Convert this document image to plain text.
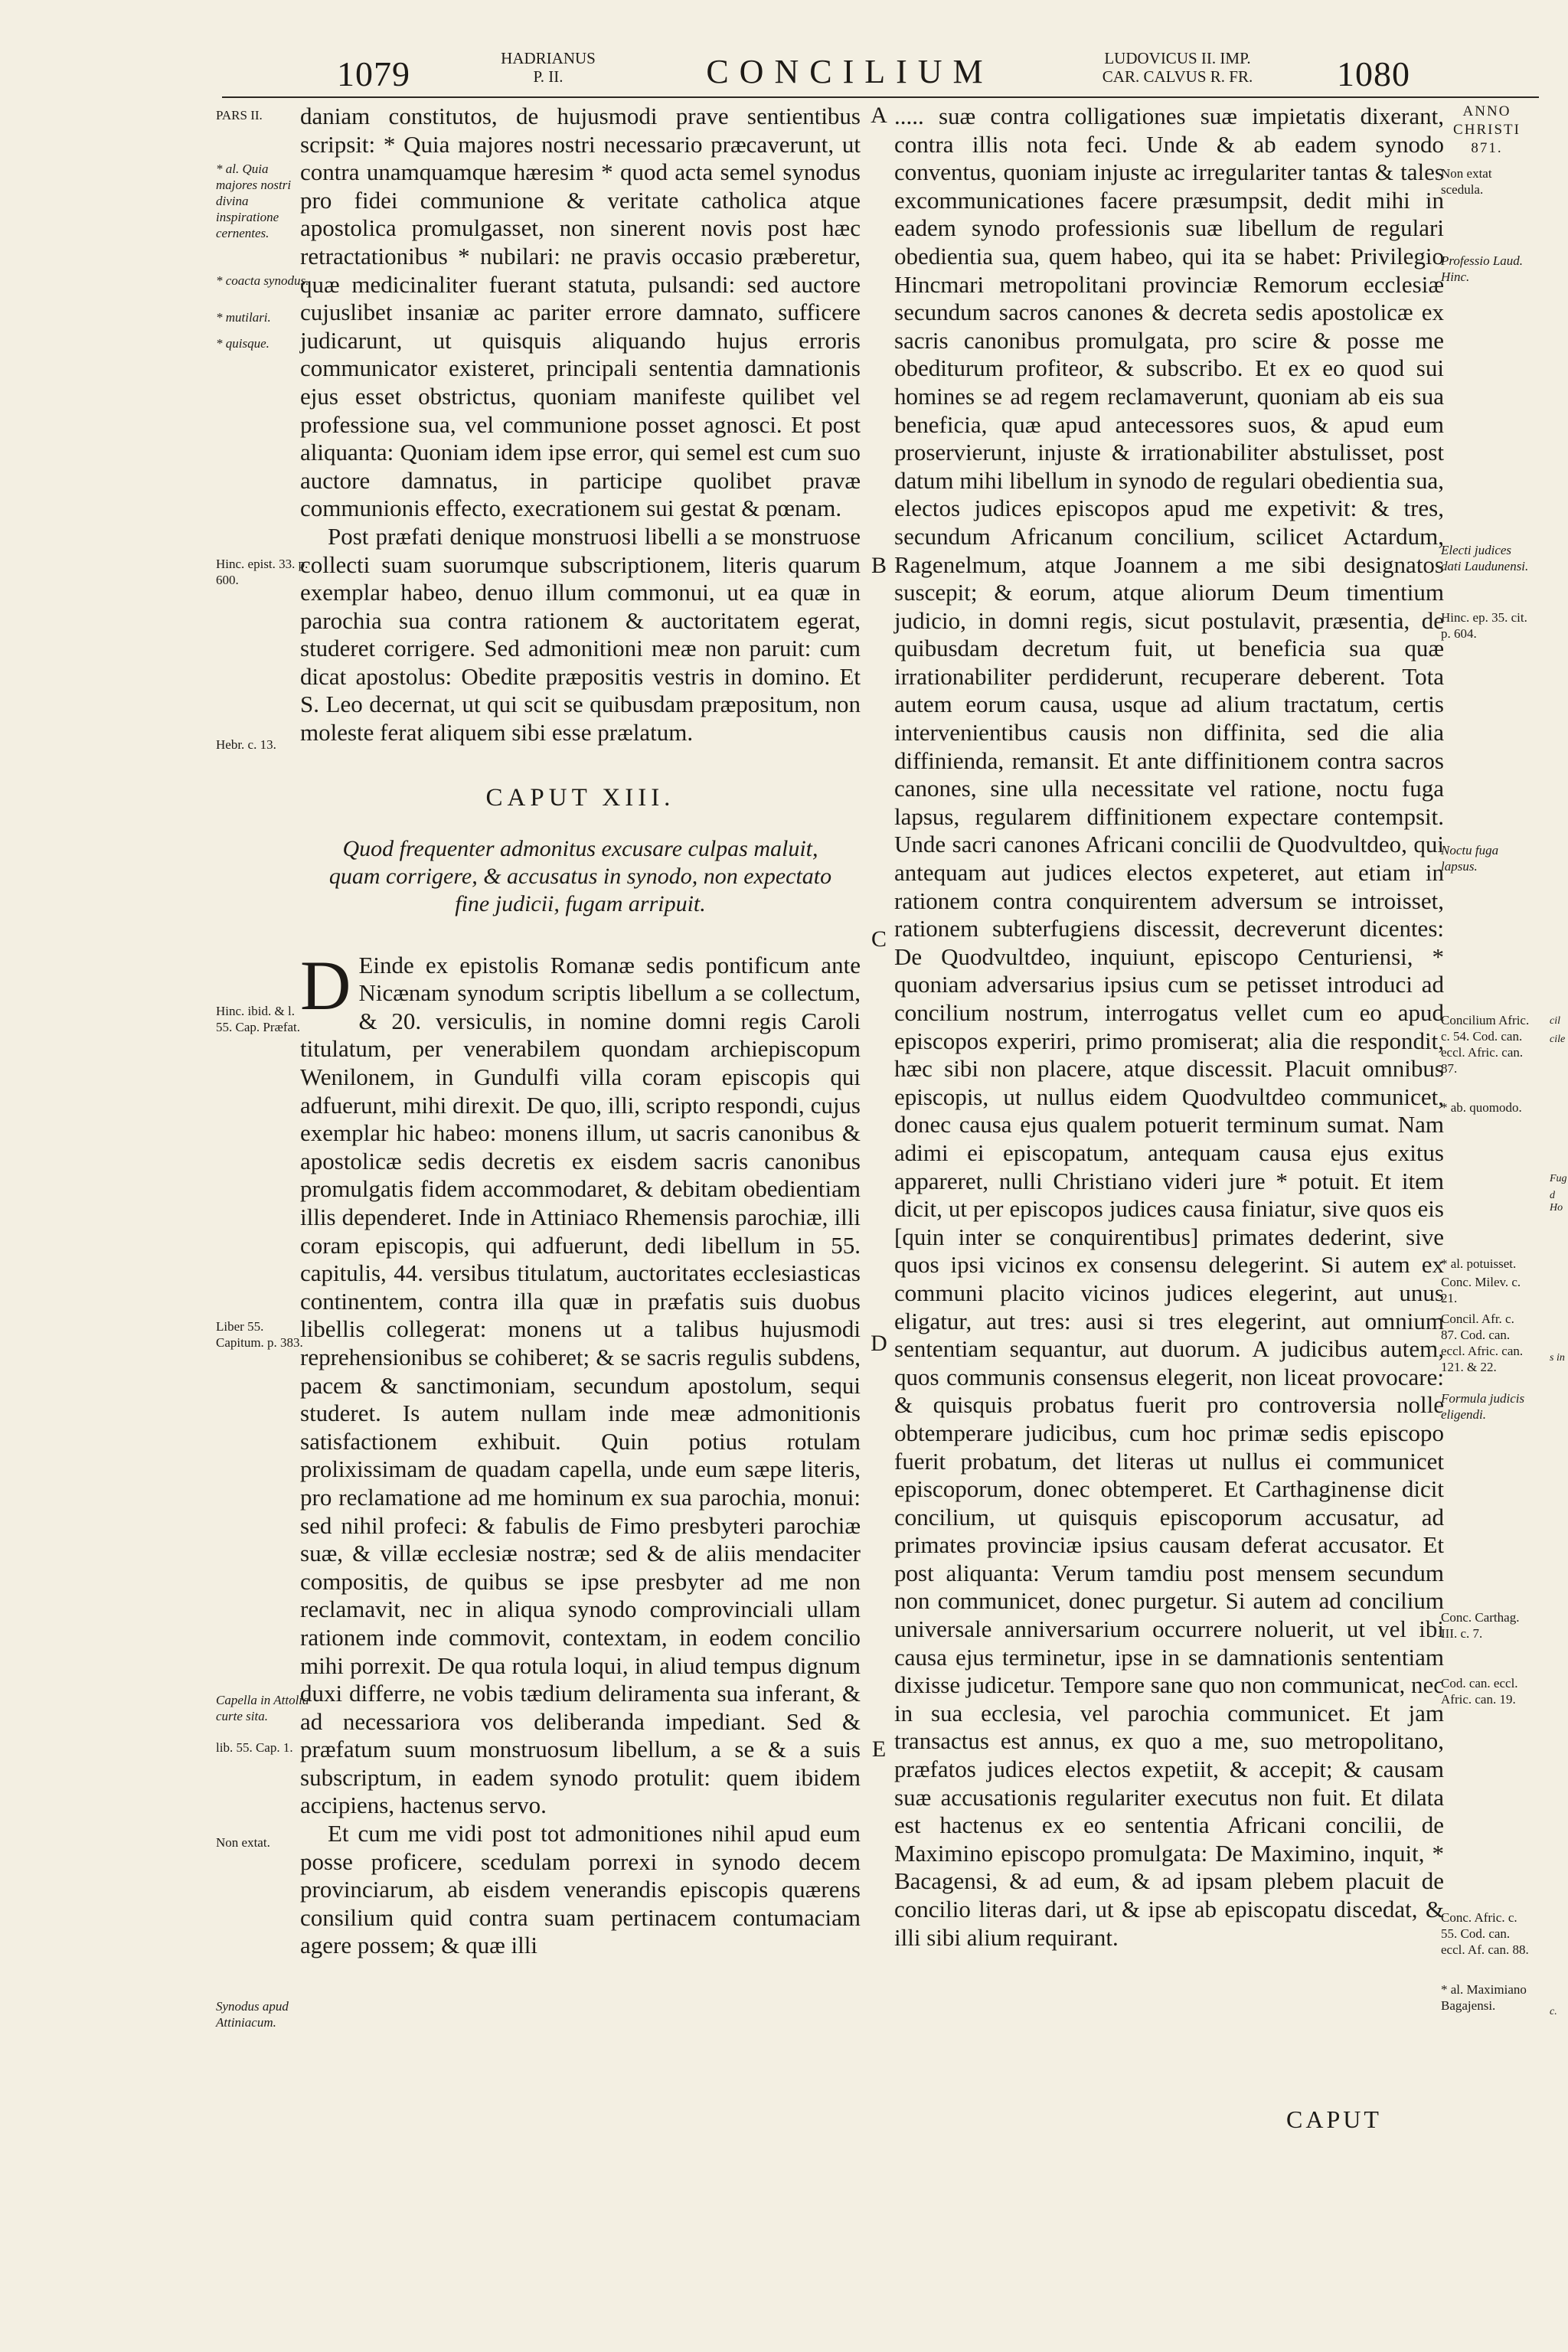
1079	HADRIANUS
P. II.	CONCILIUM	LUDOVICUS II. IMP.
CAR. CALVUS R. FR.	1080
ANNO
CHRISTI
871.

daniam constitutos, de hujusmodi prave sentientibus scripsit: * Quia majores nostri necessario præcaverunt, ut contra unamquamque hæresim * quod acta semel synodus pro fidei communione & veritate catholica atque apostolica promulgasset, non sinerent novis post hæc retractationibus * nubilari: ne pravis occasio præberetur, quæ medicinaliter fuerant statuta, pulsandi: sed auctore cujuslibet insaniæ ac pariter errore damnato, sufficere judicarunt, ut quisquis aliquando hujus erroris communicator existeret, principali sententia damnationis ejus esset obstrictus, quoniam manifeste quilibet vel professione sua, vel communione posset agnosci. Et post aliquanta: Quoniam idem ipse error, qui semel est cum suo auctore damnatus, in participe quolibet pravæ communionis effecto, execrationem sui gestat & pœnam.

Post præfati denique monstruosi libelli a se monstruose collecti suam suorumque subscriptionem, literis quarum exemplar habeo, denuo illum commonui, ut ea quæ in parochia sua contra rationem & auctoritatem egerat, studeret corrigere. Sed admonitioni meæ non paruit: cum dicat apostolus: Obedite præpositis vestris in domino. Et S. Leo decernat, ut qui scit se quibusdam præpositum, non moleste ferat aliquem sibi esse prælatum.

CAPUT XIII.
Quod frequenter admonitus excusare culpas maluit, quam corrigere, & accusatus in synodo, non expectato fine judicii, fugam arripuit.

D Einde ex epistolis Romanæ sedis pontificum ante Nicænam synodum scriptis libellum a se collectum, & 20. versiculis, in nomine domni regis Caroli titulatum, per venerabilem quondam archiepiscopum Wenilonem, in Gundulfi villa coram episcopis qui adfuerunt, mihi direxit. De quo, illi, scripto respondi, cujus exemplar hic habeo: monens illum, ut sacris canonibus & apostolicæ sedis decretis ex eisdem sacris canonibus promulgatis fidem accommodaret, & debitam obedientiam illis dependeret. Inde in Attiniaco Rhemensis parochiæ, illi coram episcopis, qui adfuerunt, dedi libellum in 55. capitulis, 44. versibus titulatum, auctoritates ecclesiasticas continentem, contra illa quæ in præfatis suis duobus libellis collegerat: monens ut a talibus hujusmodi reprehensionibus se cohiberet; & se sacris regulis subdens, pacem & sanctimoniam, secundum apostolum, sequi studeret. Is autem nullam inde meæ admonitionis satisfactionem exhibuit. Quin potius rotulam prolixissimam de quadam capella, unde eum sæpe literis, pro reclamatione ad me hominum ex sua parochia, monui: sed nihil profeci: & fabulis de Fimo presbyteri parochiæ suæ, & villæ ecclesiæ nostræ; sed & de aliis mendaciter compositis, de quibus se ipse presbyter ad me non reclamavit, nec in aliqua synodo comprovinciali ullam rationem inde commovit, contextam, in eodem concilio mihi porrexit. De qua rotula loqui, in aliud tempus dignum duxi differre, ne vobis tædium deliramenta sua inferant, & ad necessariora vos deliberanda impediant. Sed & præfatum suum monstruosum libellum, a se & a suis subscriptum, in eadem synodo protulit: quem ibidem accipiens, hactenus servo.

Et cum me vidi post tot admonitiones nihil apud eum posse proficere, scedulam porrexi in synodo decem provinciarum, ab eisdem venerandis episcopis quærens consilium quid contra suam pertinacem contumaciam agere possem; & quæ illi

A
B
C
D
E

..... suæ contra colligationes suæ impietatis dixerant, contra illis nota feci. Unde & ab eadem synodo conventus, quoniam injuste ac irregulariter tantas & tales excommunicationes facere præsumpsit, dedit mihi in eadem synodo professionis suæ libellum de regulari obedientia sua, quem habeo, qui ita se habet: Privilegio Hincmari metropolitani provinciæ Remorum ecclesiæ secundum sacros canones & decreta sedis apostolicæ ex sacris canonibus promulgata, pro scire & posse me obediturum profiteor, & subscribo. Et ex eo quod sui homines se ad regem reclamaverunt, quoniam ab eis sua beneficia, quæ apud antecessores suos, & apud eum proservierunt, injuste & irrationabiliter abstulisset, post datum mihi libellum in synodo de regulari obedientia sua, electos judices episcopos apud me expetivit: & tres, secundum Africanum concilium, scilicet Actardum, Ragenelmum, atque Joannem a me sibi designatos suscepit; & eorum, atque aliorum Deum timentium judicio, in domni regis, sicut postulavit, præsentia, de quibusdam decretum fuit, ut beneficia sua quæ irrationabiliter perdiderunt, recuperare deberent. Tota autem eorum causa, usque ad alium tractatum, certis intervenientibus causis non diffinita, sed die alia diffinienda, remansit. Et ante diffinitionem contra sacros canones, sine ulla necessitate vel ratione, noctu fuga lapsus, regularem diffinitionem expectare contempsit. Unde sacri canones Africani concilii de Quodvultdeo, qui antequam aut judices electos expeteret, aut etiam in rationem contra conquirentem adversum se introisset, rationem subterfugiens discessit, decreverunt dicentes: De Quodvultdeo, inquiunt, episcopo Centuriensi, * quoniam adversarius ipsius cum se petisset introduci ad concilium nostrum, interrogatus vellet cum eo apud episcopos experiri, primo promiserat; alia die respondit, hæc sibi non placere, atque discessit. Placuit omnibus episcopis, ut nullus eidem Quodvultdeo communicet, donec causa ejus qualem potuerit terminum sumat. Nam adimi ei episcopatum, antequam causa ejus exitus appareret, nulli Christiano videri jure * potuit. Et item dicit, ut per episcopos judices causa finiatur, sive quos eis [quin inter se conquirentibus] primates dederint, sive quos ipsi vicinos ex consensu delegerint. Si autem ex communi placito vicinos judices elegerint, aut unus eligatur, aut tres: ausi si tres elegerint, aut omnium sententiam sequantur, aut duorum. A judicibus autem, quos communis consensus elegerit, non liceat provocare: & quisquis probatus fuerit pro controversia nolle obtemperare judicibus, cum hoc primæ sedis episcopo fuerit probatum, det literas ut nullus ei communicet episcoporum, donec obtemperet. Et Carthaginense dicit concilium, ut quisquis episcoporum accusatur, ad primates provinciæ ipsius causam deferat accusator. Et post aliquanta: Verum tamdiu post mensem secundum non communicet, donec purgetur. Si autem ad concilium universale anniversarium occurrere noluerit, ut vel ibi causa ejus terminetur, ipse in se damnationis sententiam dixisse judicetur. Tempore sane quo non communicat, nec in sua ecclesia, vel parochia communicet. Et jam transactus est annus, ex quo a me, suo metropolitano, præfatos judices electos expetiit, & accepit; & causam suæ accusationis regulariter executus non fuit. Et dilata est hactenus ex eo sententia Africani concilii, de Maximino episcopo promulgata: De Maximino, inquit, * Bacagensi, & ad eum, & ad ipsam plebem placuit de concilio literas dari, ut & ipse ab episcopatu discedat, & illi sibi alium requirant.

PARS II.
* al. Quia majores nostri divina inspiratione cernentes.
* coacta synodus.
* mutilari.
* quisque.
Hinc. epist. 33. p. 600.
Hebr. c. 13.
Hinc. ibid. & l. 55. Cap. Præfat.
Liber 55. Capitum. p. 383.
Capella in Attolia curte sita.
lib. 55. Cap. 1.
Non extat.
Synodus apud Attiniacum.
Non extat scedula.
Professio Laud. Hinc.
Electi judices dati Laudunensi.
Hinc. ep. 35. cit. p. 604.
Noctu fuga lapsus.
Concilium Afric. c. 54. Cod. can. eccl. Afric. can. 87.
* ab. quomodo.
* al. potuisset.
Conc. Milev. c. 21.
Concil. Afr. c. 87. Cod. can. eccl. Afric. can. 121. & 22.
Formula judicis eligendi.
Conc. Carthag. III. c. 7.
Cod. can. eccl. Afric. can. 19.
Conc. Afric. c. 55. Cod. can. eccl. Af. can. 88.
* al. Maximiano Bagajensi.
cil
cile
Fug
d Ho
s in
c.
CAPUT
